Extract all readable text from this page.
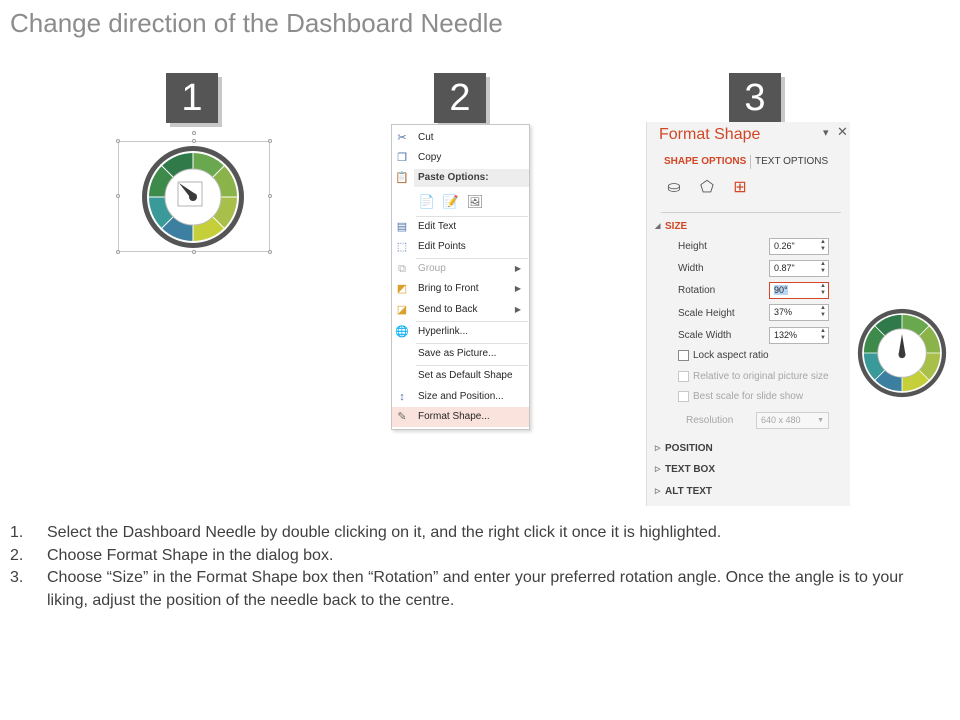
Change direction of the Dashboard Needle
1	2	3
✂ Cut
❐ Copy
📋 Paste Options:
📄 📝 🖼
▤ Edit Text
⬚ Edit Points
⧉	Group	▶
◩ Bring to Front	▶
◪ Send to Back	▶
🌐 Hyperlink...
Save as Picture...
Set as Default Shape
↕	Size and Position...
✎ Format Shape...
Format Shape	▾ ✕
SHAPE OPTIONS TEXT OPTIONS
⛀ ⬠ ⊞
◢ SIZE
Height	0.26"	▲
▼
Width	0.87"	▲
▼
Rotation	90°	▲
▼
Scale Height	37%	▲
▼
Scale Width	132%	▲
▼
Lock aspect ratio
Relative to original picture size
Best scale for slide show
Resolution	640 x 480 ▼
▷ POSITION
▷ TEXT BOX
▷ ALT TEXT
1. Select the Dashboard Needle by double clicking on it, and the right click it once it is highlighted.
2. Choose Format Shape in the dialog box.
3. Choose “Size” in the Format Shape box then “Rotation” and enter your preferred rotation angle. Once the angle is to your liking, adjust the position of the needle back to the centre.
